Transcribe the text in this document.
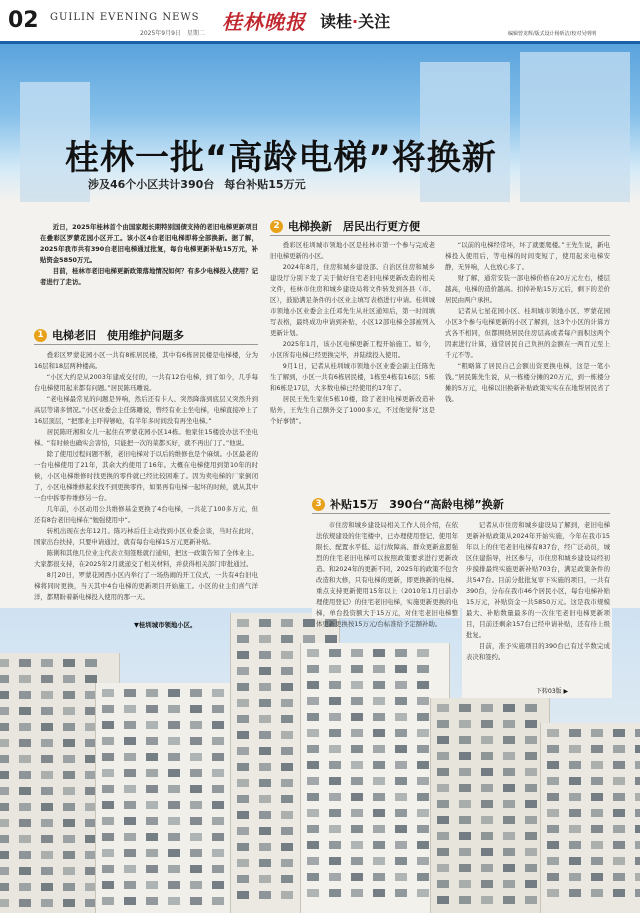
02 GUILIN EVENING NEWS
2025年9月9日　星期二 桂林晚报 读桂·关注
编辑曾龙辉/版式设计杨昕洁/校对吴明明
桂林一批“高龄电梯”将换新
涉及46个小区共计390台 每台补贴15万元

近日，2025年桂林首个由国家超长期特别国债支持的老旧电梯更新项目在叠彩区罗蒙花园小区开工。该小区4台老旧电梯即将全部换新。据了解，2025年我市共有390台老旧电梯通过批复，每台电梯更新补贴15万元，补贴资金5850万元。

目前，桂林市老旧电梯更新政策落地情况如何？有多少电梯投入使用？记者进行了走访。

1 电梯老旧　使用维护问题多

叠彩区罗蒙花园小区一共有8栋居民楼，其中有6栋居民楼是电梯楼，分为16层和18层两种楼高。

“小区大约是从2003年建成交付的，一共有12台电梯，到了如今，几乎每台电梯使用起来都有问题。”居民陈珏雕说。

“老电梯最常见的问题是异响，然后还有卡人、突然降落到底层又突然升到高层等诸多情况。”小区业委会主任陈雕说，曾经有业主坐电梯，电梯直接冲上了16层顶层，“把那业主吓得够呛，有半年多时间没有再坐电梯。”

居民陈旺湘和女儿一起住在罗蒙花园小区14栋。他家住15楼没办法不坐电梯。“有时候也确实会害怕，只能把一次的菜都买好，就不再出门了。”他说。

除了使用过程问题不断，老旧电梯对于以后的维修也是个麻烦。小区最老的一台电梯使用了21年，其余大约使用了16年。大概在电梯使用到第10年的时候，小区电梯维修时找更换的零件就已经比较困难了。因为卖电梯的厂家倒闭了，小区电梯维修起来找不到更换零件，如果再有电梯一起坏的时候，就从其中一台中拆零件维修另一台。

几年前，小区动用公共维修基金更换了4台电梯，一共花了100多万元，但还有8台老旧电梯在“勉强使用中”。

转机出现在去年12月。陈巧林后任主动找到小区业委会谈，当时在此时，国家出台扶持，只要申请通过，就有每台电梯15万元更新补贴。

陈俐和其他几位业主代表立刻签账就行通知，把这一政策告知了全体业主。大家都很支持，在2025年2月就递交了相关材料，并获得相关部门审批通过。

8月20日，罗蒙花园西小区内举行了一场热闹的开工仪式，一共有4台旧电梯将同时更换，当天其中4台电梯的更新项目开始施工。小区的业主们喜气洋洋，都期盼着新电梯投入使用的那一天。

2 电梯换新　居民出行更方便

叠彩区桂圳城市领地小区是桂林市第一个参与完成老旧电梯更新的小区。

2024年8月，住房和城乡建设部、自治区住房和城乡建设厅分别下发了关于做好住宅老旧电梯更新改造的相关文件，桂林市住房和城乡建设局将文件转发到各县（市、区），鼓励满足条件的小区业主填写表格进行申请。桂圳城市领地小区业委会主任邓先生从社区通知后，第一时间填写表格，最终成功申请到补贴，小区12部电梯全部被列入更新计划。

2025年1月，该小区电梯更新工程开始施工。如今，小区所有电梯已经更换完毕，并陆续投入使用。

9月1日，记者从桂圳城市领地小区业委会副主任陈先生了解到，小区一共有6栋居民楼，1栋至4栋有16层；5栋和6栋是17层，大多数电梯已经使用约17年了。

居民王先生家住5栋10楼，除了老旧电梯更新改造补贴外，王先生自己额外交了1000多元，不过他觉得“这是个好事情”。

“以前的电梯经常坏，坏了就要爬楼。”王先生说，新电梯投入使用后，等电梯的时间变短了，使用起来电梯安静，无异响，人也放心多了。

财了解，通常安装一部电梯价格在20万元左右，楼层越高，电梯的造价越高。扣掉补贴15万元后，剩下的差价居民由两户承担。

记者从七星花园小区、桂圳城市领地小区、罗蒙花园小区3个参与电梯更新的小区了解到，这3个小区的计算方式各不相同，但都围绕居民住房层高或者每户面积这两个因素进行计算，通常居民自己负担的金额在一两百元至上千元不等。

“粗略算了居民自己会额出资更换电梯，这是一笔小钱。”居民陈先生说，从一栋楼分摊的20万元，到一栋楼分摊的5万元，电梯以旧换新补贴政策实实在在地帮居民省了钱。

3 补贴15万　390台“高龄电梯”换新

市住房和城乡建设局相关工作人员介绍，在依法依规建设的住宅楼中，已办理使用登记、使用年限长、配置水平低、运行故障高、群众更新意愿强烈的住宅老旧电梯可以按照政策要求进行更新改造。和2024年的更新不同，2025年的政策不包含改造和大修，只有电梯的更新，即更换新的电梯。重点支持更新使用15年以上（2010年1月日前办理使用登记）的住宅老旧电梯，实施更新更换的电梯，单台投资额大于15万元，对住宅老旧电梯整体更新更换按15万元/台标准给予定额补助。

记者从市住房和城乡建设局了解到，老旧电梯更新补贴政策从2024年开始实施，今年在我市15年以上的住宅老旧电梯有837台，经广泛动员，城区住建指导，社区参与，市住房和城乡建设局经初步摸排最终实施更新补贴703台，满足政策条件的共547台。目前分批批复审下实施的项目，一共有390台，分布在我市46个居民小区，每台电梯补贴15万元，补贴资金一共5850万元。这是我市规模最大、补贴数量最多的一次住宅老旧电梯更新项目，目前还剩余157台已经申请补贴，还有待上级批复。

目前，准予实施项目的390台已有过半数完成表决和签约。

▼桂圳城市领地小区。
下转03版 ▶
